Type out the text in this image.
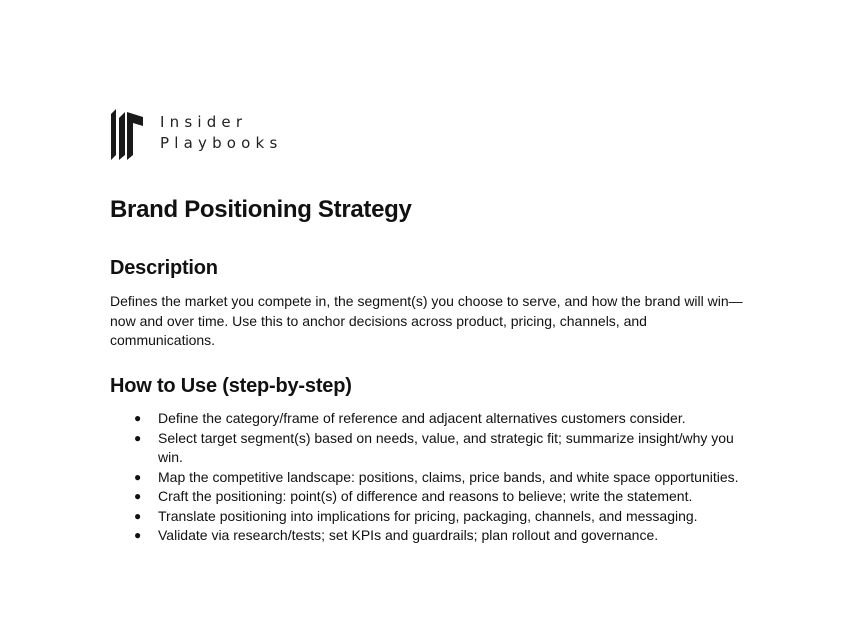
Insider
Playbooks
Brand Positioning Strategy
Description

Defines the market you compete in, the segment(s) you choose to serve, and how the brand will win—now and over time. Use this to anchor decisions across product, pricing, channels, and communications.

How to Use (step-by-step)
● Define the category/frame of reference and adjacent alternatives customers consider.
● Select target segment(s) based on needs, value, and strategic fit; summarize insight/why you win.
● Map the competitive landscape: positions, claims, price bands, and white space opportunities.
● Craft the positioning: point(s) of difference and reasons to believe; write the statement.
● Translate positioning into implications for pricing, packaging, channels, and messaging.
● Validate via research/tests; set KPIs and guardrails; plan rollout and governance.
